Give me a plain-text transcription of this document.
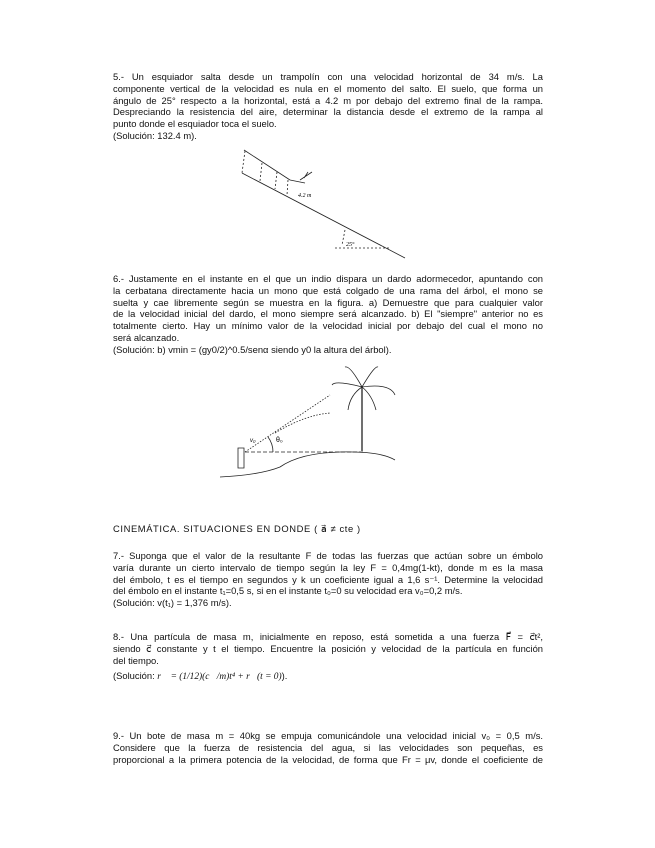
5.- Un esquiador salta desde un trampolín con una velocidad horizontal de 34 m/s. La
componente vertical de la velocidad es nula en el momento del salto. El suelo, que forma un
ángulo de 25° respecto a la horizontal, está a 4.2 m por debajo del extremo final de la rampa.
Despreciando la resistencia del aire, determinar la distancia desde el extremo de la rampa al
punto donde el esquiador toca el suelo.
(Solución: 132.4 m).
4.2 m
25°
6.- Justamente en el instante en el que un indio dispara un dardo adormecedor, apuntando con
la cerbatana directamente hacia un mono que está colgado de una rama del árbol, el mono se
suelta y cae libremente según se muestra en la figura. a) Demuestre que para cualquier valor
de la velocidad inicial del dardo, el mono siempre será alcanzado. b) El "siempre" anterior no es
totalmente cierto. Hay un mínimo valor de la velocidad inicial por debajo del cual el mono no
será alcanzado.
(Solución: b) vmin = (gy0/2)^0.5/senα siendo y0 la altura del árbol).
v₀	θ₀
CINEMÁTICA. SITUACIONES EN DONDE ( a⃗ ≠ cte )
7.- Suponga que el valor de la resultante F de todas las fuerzas que actúan sobre un émbolo
varía durante un cierto intervalo de tiempo según la ley F = 0,4mg(1-kt), donde m es la masa
del émbolo, t es el tiempo en segundos y k un coeficiente igual a 1,6 s⁻¹. Determine la velocidad
del émbolo en el instante t₁=0,5 s, si en el instante t₀=0 su velocidad era v₀=0,2 m/s.
(Solución: v(t₁) = 1,376 m/s).
8.- Una partícula de masa m, inicialmente en reposo, está sometida a una fuerza F⃗ = c⃗t²,
siendo c⃗ constante y t el tiempo. Encuentre la posición y velocidad de la partícula en función
del tiempo.
(Solución: r⃗ = (1/12)(c⃗/m)t⁴ + r⃗(t = 0)).
9.- Un bote de masa m = 40kg se empuja comunicándole una velocidad inicial v₀ = 0,5 m/s.
Considere que la fuerza de resistencia del agua, si las velocidades son pequeñas, es
proporcional a la primera potencia de la velocidad, de forma que Fr = μv, donde el coeficiente de
